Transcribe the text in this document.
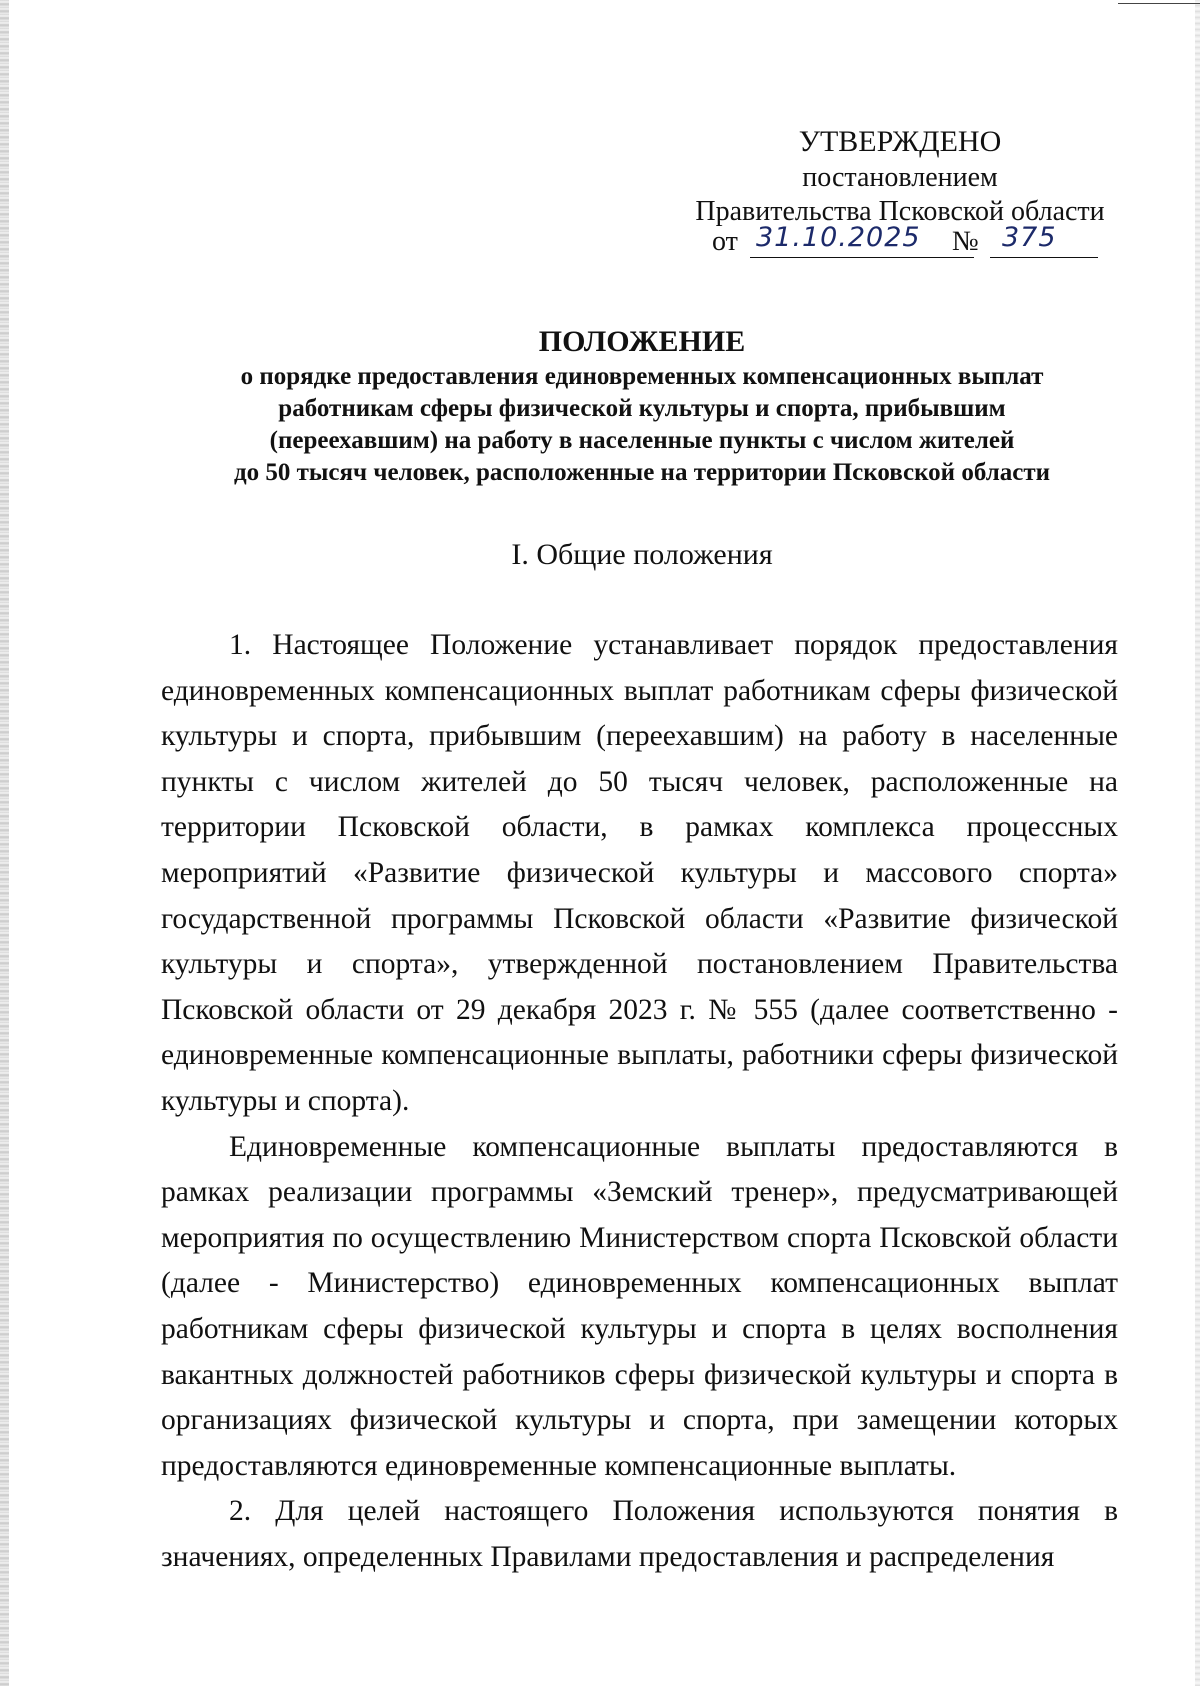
УТВЕРЖДЕНО
постановлением
Правительства Псковской области
от 31.10.2025 № 375
ПОЛОЖЕНИЕ
о порядке предоставления единовременных компенсационных выплат
работникам сферы физической культуры и спорта, прибывшим
(переехавшим) на работу в населенные пункты с числом жителей
до 50 тысяч человек, расположенные на территории Псковской области
I. Общие положения

1. Настоящее Положение устанавливает порядок предоставления единовременных компенсационных выплат работникам сферы физической культуры и спорта, прибывшим (переехавшим) на работу в населенные пункты с числом жителей до 50 тысяч человек, расположенные на территории Псковской области, в рамках комплекса процессных мероприятий «Развитие физической культуры и массового спорта» государственной программы Псковской области «Развитие физической культуры и спорта», утвержденной постановлением Правительства Псковской области от 29 декабря 2023 г. № 555 (далее соответственно - единовременные компенсационные выплаты, работники сферы физической культуры и спорта).

Единовременные компенсационные выплаты предоставляются в рамках реализации программы «Земский тренер», предусматривающей мероприятия по осуществлению Министерством спорта Псковской области (далее - Министерство) единовременных компенсационных выплат работникам сферы физической культуры и спорта в целях восполнения вакантных должностей работников сферы физической культуры и спорта в организациях физической культуры и спорта, при замещении которых предоставляются единовременные компенсационные выплаты.

2. Для целей настоящего Положения используются понятия в значениях, определенных Правилами предоставления и распределения
